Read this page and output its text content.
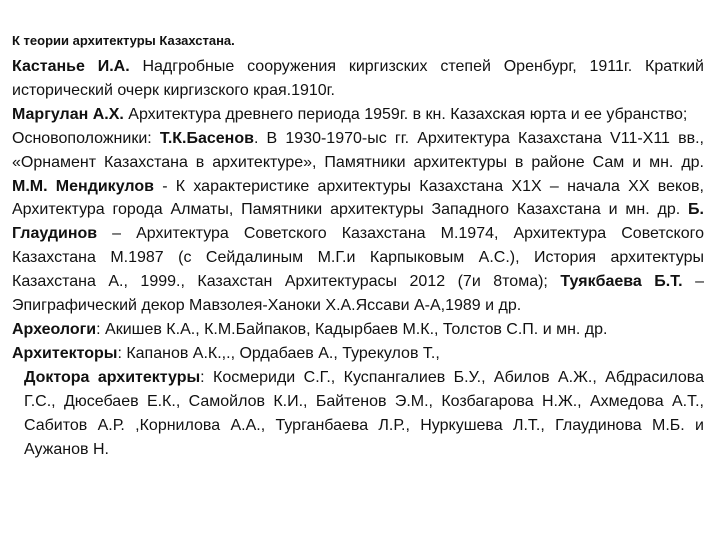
К теории архитектуры Казахстана.

Кастанье И.А. Надгробные сооружения киргизских степей Оренбург, 1911г. Краткий исторический очерк киргизского края.1910г.

Маргулан А.Х. Архитектура древнего периода 1959г. в кн. Казахская юрта и ее убранство;

Основоположники: Т.К.Басенов. В 1930-1970-ыс гг. Архитектура Казахстана V11-X11 вв., «Орнамент Казахстана в архитектуре», Памятники архитектуры в районе Сам и мн. др. М.М. Мендикулов - К характеристике архитектуры Казахстана Х1Х – начала ХХ веков, Архитектура города Алматы, Памятники архитектуры Западного Казахстана и мн. др. Б. Глаудинов – Архитектура Советского Казахстана М.1974, Архитектура Советского Казахстана М.1987 (с Сейдалиным М.Г.и Карпыковым А.С.), История архитектуры Казахстана А., 1999., Казахстан Архитектурасы 2012 (7и 8тома); Туякбаева Б.Т. – Эпиграфический декор Мавзолея-Ханоки Х.А.Яссави А-А,1989 и др.

Археологи: Акишев К.А., К.М.Байпаков, Кадырбаев М.К., Толстов С.П. и мн. др.

Архитекторы: Капанов А.К.,., Ордабаев А., Турекулов Т.,

Доктора архитектуры: Космериди С.Г., Куспангалиев Б.У., Абилов А.Ж., Абдрасилова Г.С., Дюсебаев Е.К., Самойлов К.И., Байтенов Э.М., Козбагарова Н.Ж., Ахмедова А.Т., Сабитов А.Р. ,Корнилова А.А., Турганбаева Л.Р., Нуркушева Л.Т., Глаудинова М.Б. и Аужанов Н.
